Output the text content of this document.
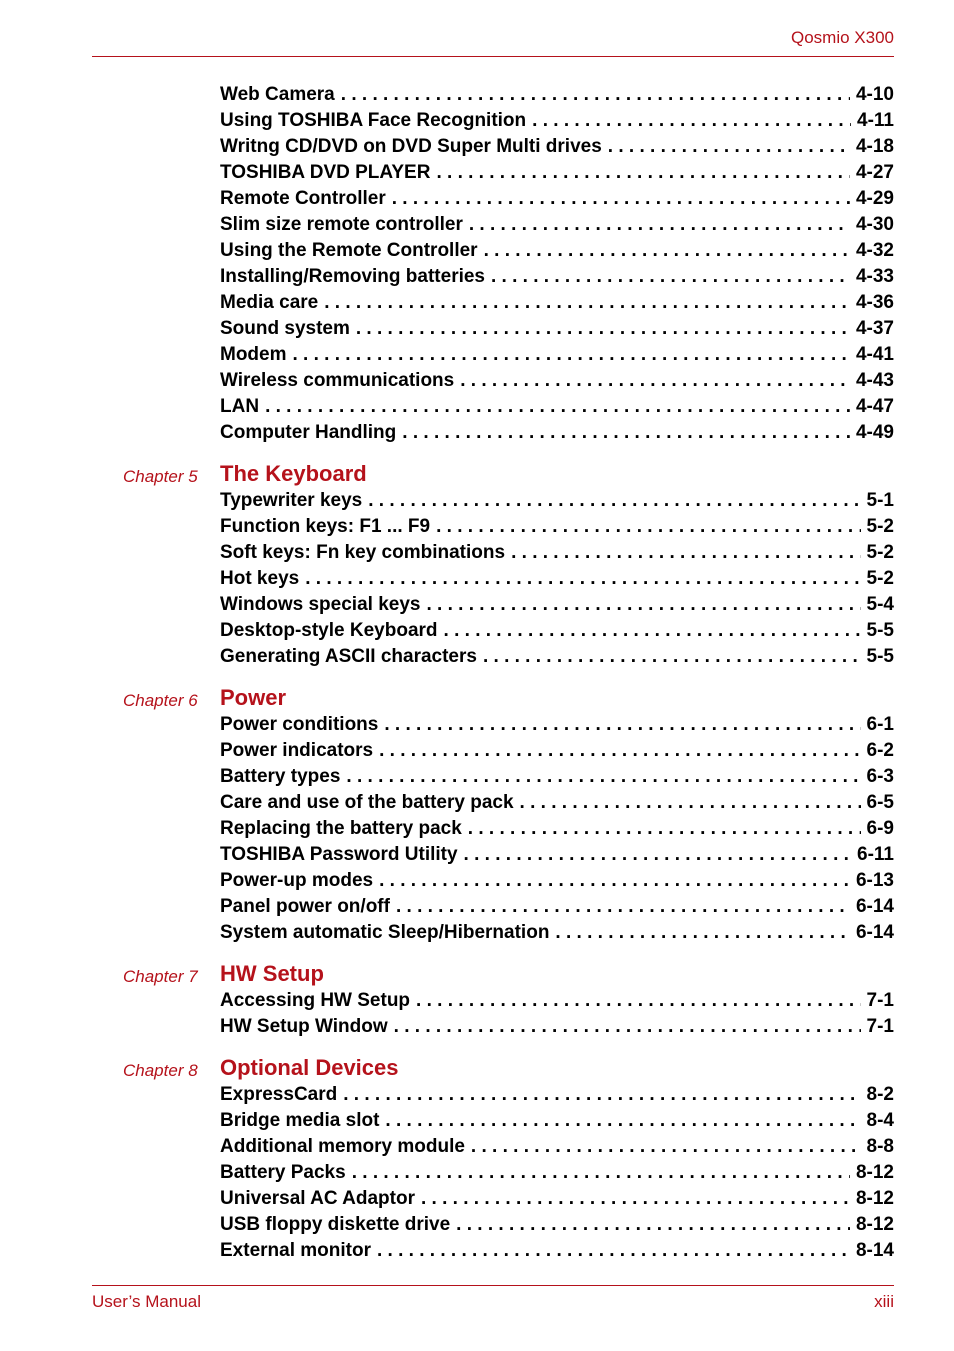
Qosmio X300
Web Camera . . .	4-10
Using TOSHIBA Face Recognition . . .	4-11
Writng CD/DVD on DVD Super Multi drives . . .	4-18
TOSHIBA DVD PLAYER . . .	4-27
Remote Controller . . .	4-29
Slim size remote controller . . .	4-30
Using the Remote Controller . . .	4-32
Installing/Removing batteries . . .	4-33
Media care . . .	4-36
Sound system . . .	4-37
Modem . . .	4-41
Wireless communications . . .	4-43
LAN . . .	4-47
Computer Handling . . .	4-49
Chapter 5 The Keyboard
Typewriter keys . . .	5-1
Function keys: F1 ... F9 . . .	5-2
Soft keys: Fn key combinations . . .	5-2
Hot keys . . .	5-2
Windows special keys . . .	5-4
Desktop-style Keyboard . . .	5-5
Generating ASCII characters . . .	5-5
Chapter 6 Power
Power conditions . . .	6-1
Power indicators . . .	6-2
Battery types . . .	6-3
Care and use of the battery pack . . .	6-5
Replacing the battery pack . . .	6-9
TOSHIBA Password Utility . . .	6-11
Power-up modes . . .	6-13
Panel power on/off . . .	6-14
System automatic Sleep/Hibernation . . .	6-14
Chapter 7 HW Setup
Accessing HW Setup . . .	7-1
HW Setup Window . . .	7-1
Chapter 8 Optional Devices
ExpressCard . . .	8-2
Bridge media slot . . .	8-4
Additional memory module . . .	8-8
Battery Packs . . .	8-12
Universal AC Adaptor . . .	8-12
USB floppy diskette drive . . .	8-12
External monitor . . .	8-14
User’s Manual	xiii
